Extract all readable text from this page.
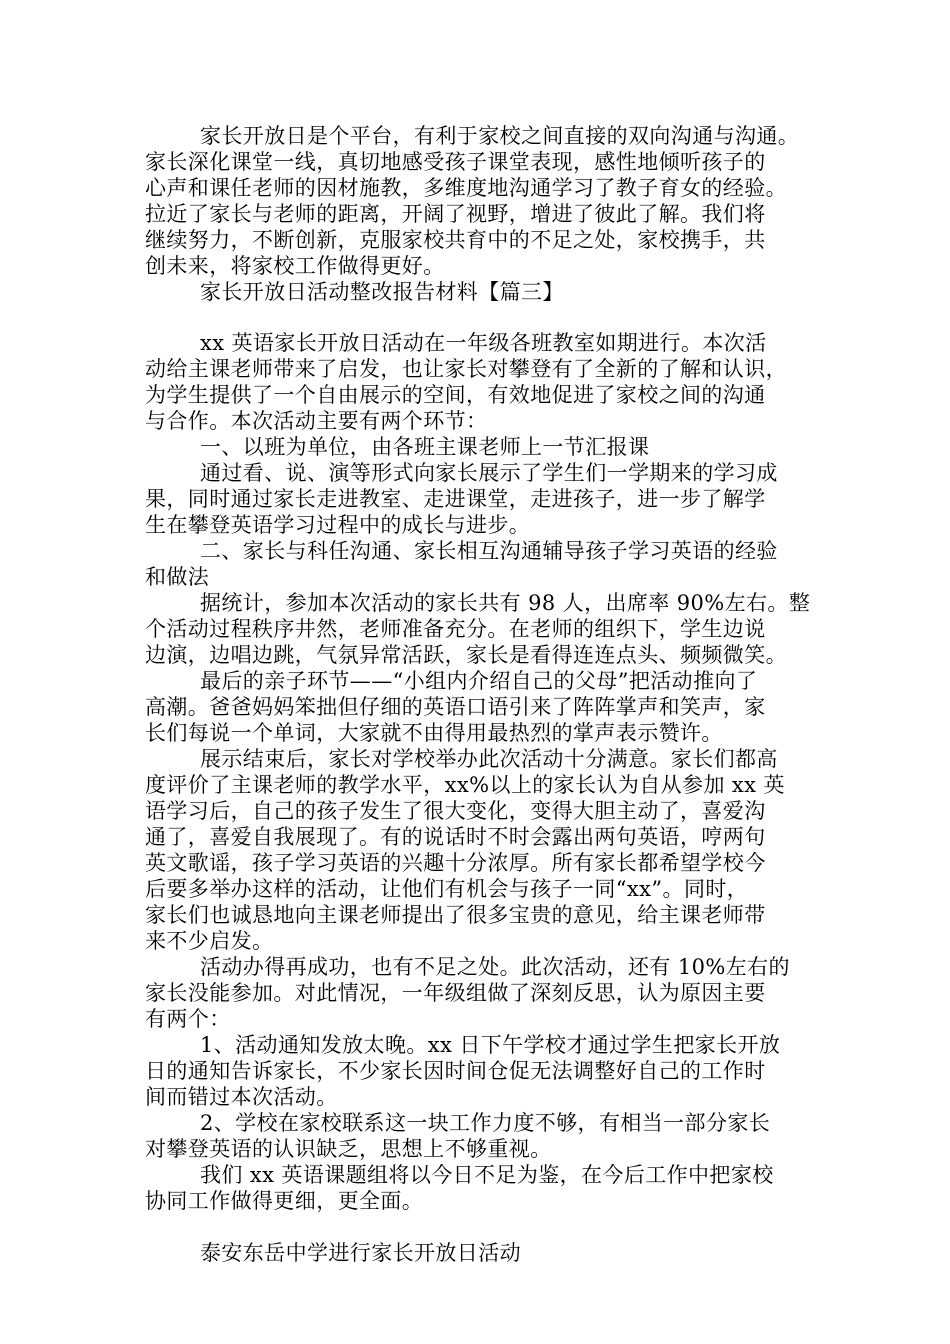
家长开放日是个平台，有利于家校之间直接的双向沟通与沟通。
家长深化课堂一线，真切地感受孩子课堂表现，感性地倾听孩子的
心声和课任老师的因材施教，多维度地沟通学习了教子育女的经验。
拉近了家长与老师的距离，开阔了视野，增进了彼此了解。我们将
继续努力，不断创新，克服家校共育中的不足之处，家校携手，共
创未来，将家校工作做得更好。
家长开放日活动整改报告材料【篇三】
xx 英语家长开放日活动在一年级各班教室如期进行。本次活
动给主课老师带来了启发，也让家长对攀登有了全新的了解和认识，
为学生提供了一个自由展示的空间，有效地促进了家校之间的沟通
与合作。本次活动主要有两个环节：
一、以班为单位，由各班主课老师上一节汇报课
通过看、说、演等形式向家长展示了学生们一学期来的学习成
果，同时通过家长走进教室、走进课堂，走进孩子，进一步了解学
生在攀登英语学习过程中的成长与进步。
二、家长与科任沟通、家长相互沟通辅导孩子学习英语的经验
和做法
据统计，参加本次活动的家长共有 98 人，出席率 90%左右。整
个活动过程秩序井然，老师准备充分。在老师的组织下，学生边说
边演，边唱边跳，气氛异常活跃，家长是看得连连点头、频频微笑。
最后的亲子环节——“小组内介绍自己的父母”把活动推向了
高潮。爸爸妈妈笨拙但仔细的英语口语引来了阵阵掌声和笑声，家
长们每说一个单词，大家就不由得用最热烈的掌声表示赞许。
展示结束后，家长对学校举办此次活动十分满意。家长们都高
度评价了主课老师的教学水平，xx%以上的家长认为自从参加 xx 英
语学习后，自己的孩子发生了很大变化，变得大胆主动了，喜爱沟
通了，喜爱自我展现了。有的说话时不时会露出两句英语，哼两句
英文歌谣，孩子学习英语的兴趣十分浓厚。所有家长都希望学校今
后要多举办这样的活动，让他们有机会与孩子一同“xx”。同时，
家长们也诚恳地向主课老师提出了很多宝贵的意见，给主课老师带
来不少启发。
活动办得再成功，也有不足之处。此次活动，还有 10%左右的
家长没能参加。对此情况，一年级组做了深刻反思，认为原因主要
有两个：
1、活动通知发放太晚。xx 日下午学校才通过学生把家长开放
日的通知告诉家长，不少家长因时间仓促无法调整好自己的工作时
间而错过本次活动。
2、学校在家校联系这一块工作力度不够，有相当一部分家长
对攀登英语的认识缺乏，思想上不够重视。
我们 xx 英语课题组将以今日不足为鉴，在今后工作中把家校
协同工作做得更细，更全面。
泰安东岳中学进行家长开放日活动
